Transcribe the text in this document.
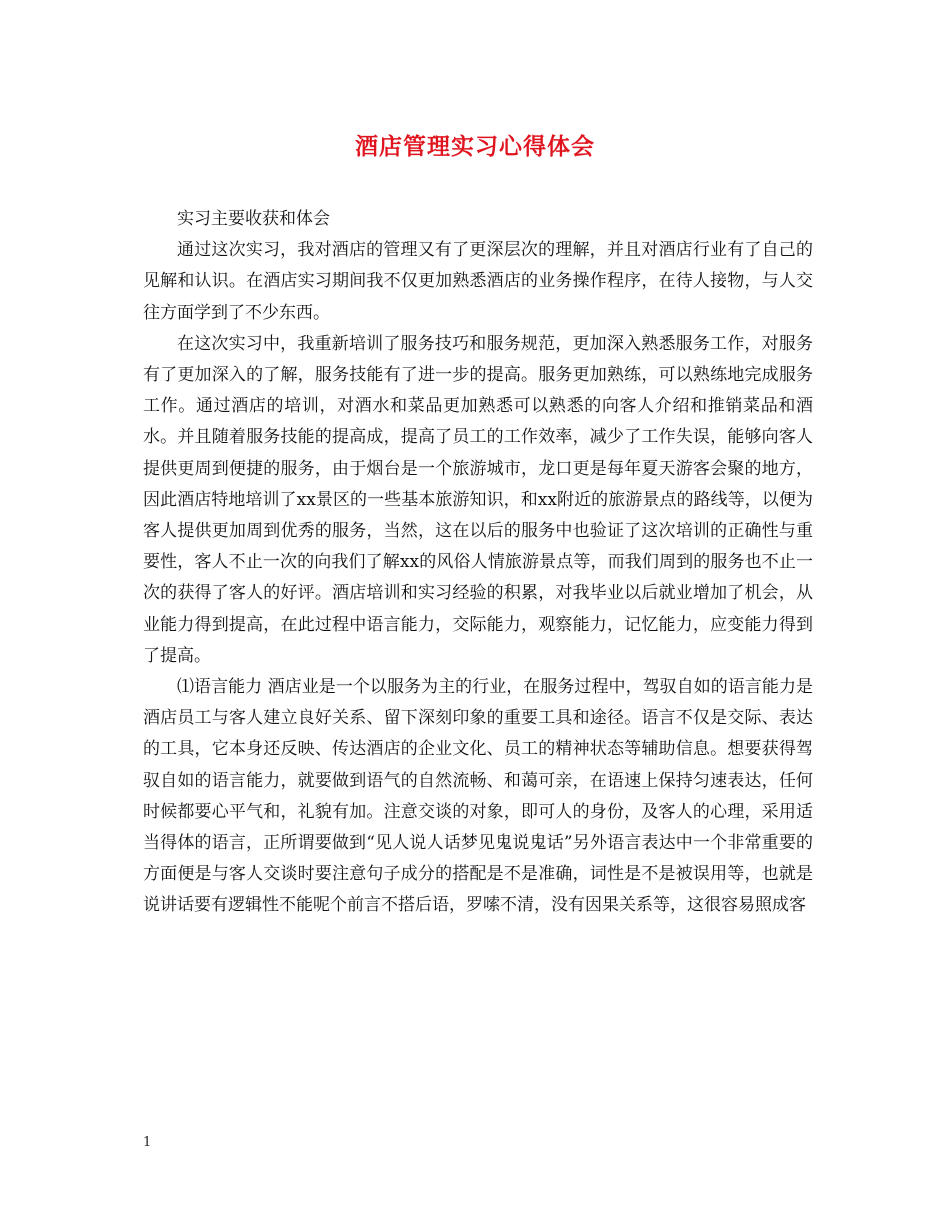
酒店管理实习心得体会

实习主要收获和体会

通过这次实习，我对酒店的管理又有了更深层次的理解，并且对酒店行业有了自己的见解和认识。在酒店实习期间我不仅更加熟悉酒店的业务操作程序，在待人接物，与人交往方面学到了不少东西。

在这次实习中，我重新培训了服务技巧和服务规范，更加深入熟悉服务工作，对服务有了更加深入的了解，服务技能有了进一步的提高。服务更加熟练，可以熟练地完成服务工作。通过酒店的培训，对酒水和菜品更加熟悉可以熟悉的向客人介绍和推销菜品和酒水。并且随着服务技能的提高成，提高了员工的工作效率，减少了工作失误，能够向客人提供更周到便捷的服务，由于烟台是一个旅游城市，龙口更是每年夏天游客会聚的地方，因此酒店特地培训了xx景区的一些基本旅游知识，和xx附近的旅游景点的路线等，以便为客人提供更加周到优秀的服务，当然，这在以后的服务中也验证了这次培训的正确性与重要性，客人不止一次的向我们了解xx的风俗人情旅游景点等，而我们周到的服务也不止一次的获得了客人的好评。酒店培训和实习经验的积累，对我毕业以后就业增加了机会，从业能力得到提高，在此过程中语言能力，交际能力，观察能力，记忆能力，应变能力得到了提高。

⑴语言能力 酒店业是一个以服务为主的行业，在服务过程中，驾驭自如的语言能力是酒店员工与客人建立良好关系、留下深刻印象的重要工具和途径。语言不仅是交际、表达的工具，它本身还反映、传达酒店的企业文化、员工的精神状态等辅助信息。想要获得驾驭自如的语言能力，就要做到语气的自然流畅、和蔼可亲，在语速上保持匀速表达，任何时候都要心平气和，礼貌有加。注意交谈的对象，即可人的身份，及客人的心理，采用适当得体的语言，正所谓要做到“见人说人话梦见鬼说鬼话”另外语言表达中一个非常重要的方面便是与客人交谈时要注意句子成分的搭配是不是准确，词性是不是被误用等，也就是说讲话要有逻辑性不能呢个前言不搭后语，罗嗦不清，没有因果关系等，这很容易照成客

1
